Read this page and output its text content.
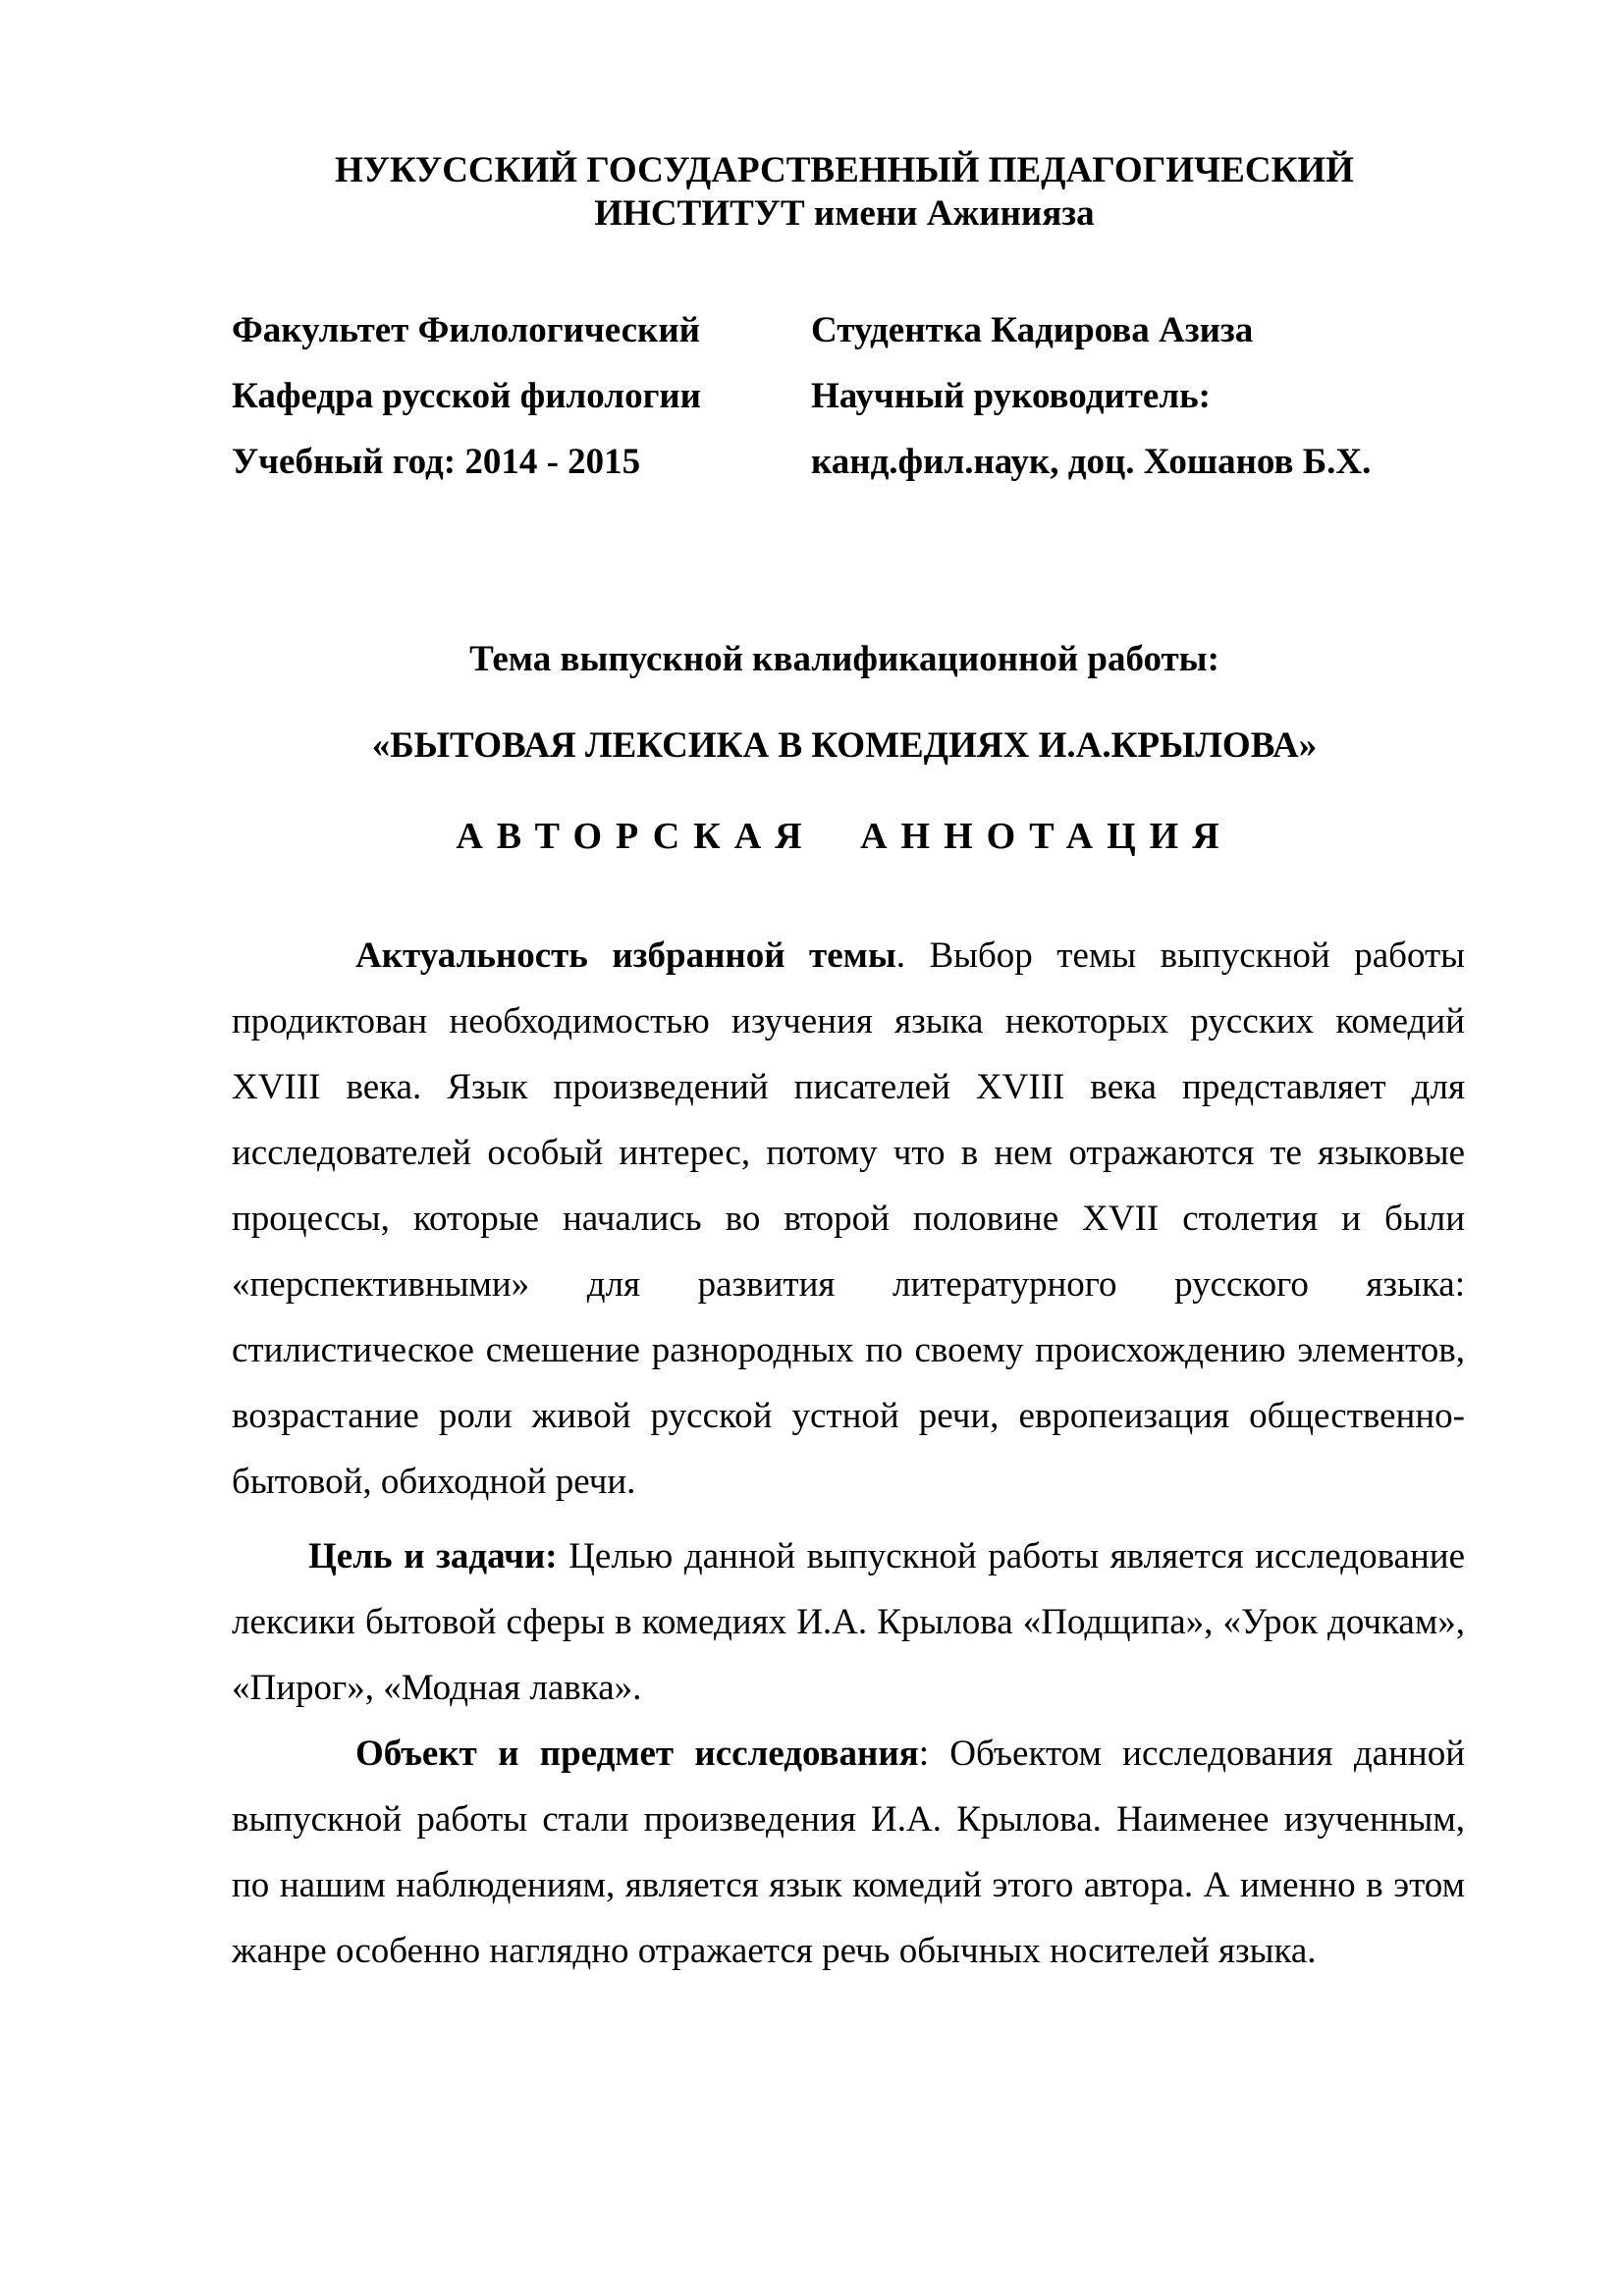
НУКУССКИЙ ГОСУДАРСТВЕННЫЙ ПЕДАГОГИЧЕСКИЙ
ИНСТИТУТ имени Ажинияза
Факультет Филологический
Кафедра русской филологии
Учебный год: 2014 - 2015
Студентка Кадирова Азиза
Научный руководитель:
канд.фил.наук, доц. Хошанов Б.Х.
Тема выпускной квалификационной работы:
«БЫТОВАЯ ЛЕКСИКА В КОМЕДИЯХ И.А.КРЫЛОВА»
АВТОРСКАЯ АННОТАЦИЯ
Актуальность избранной темы. Выбор темы выпускной работы продиктован необходимостью изучения языка некоторых русских комедий XVIII века. Язык произведений писателей XVIII века представляет для исследователей особый интерес, потому что в нем отражаются те языковые процессы, которые начались во второй половине XVII столетия и были «перспективными» для развития литературного русского языка: стилистическое смешение разнородных по своему происхождению элементов, возрастание роли живой русской устной речи, европеизация общественно-бытовой, обиходной речи.
Цель и задачи: Целью данной выпускной работы является исследование лексики бытовой сферы в комедиях И.А. Крылова «Подщипа», «Урок дочкам», «Пирог», «Модная лавка».
Объект и предмет исследования: Объектом исследования данной выпускной работы стали произведения И.А. Крылова. Наименее изученным, по нашим наблюдениям, является язык комедий этого автора. А именно в этом жанре особенно наглядно отражается речь обычных носителей языка.
